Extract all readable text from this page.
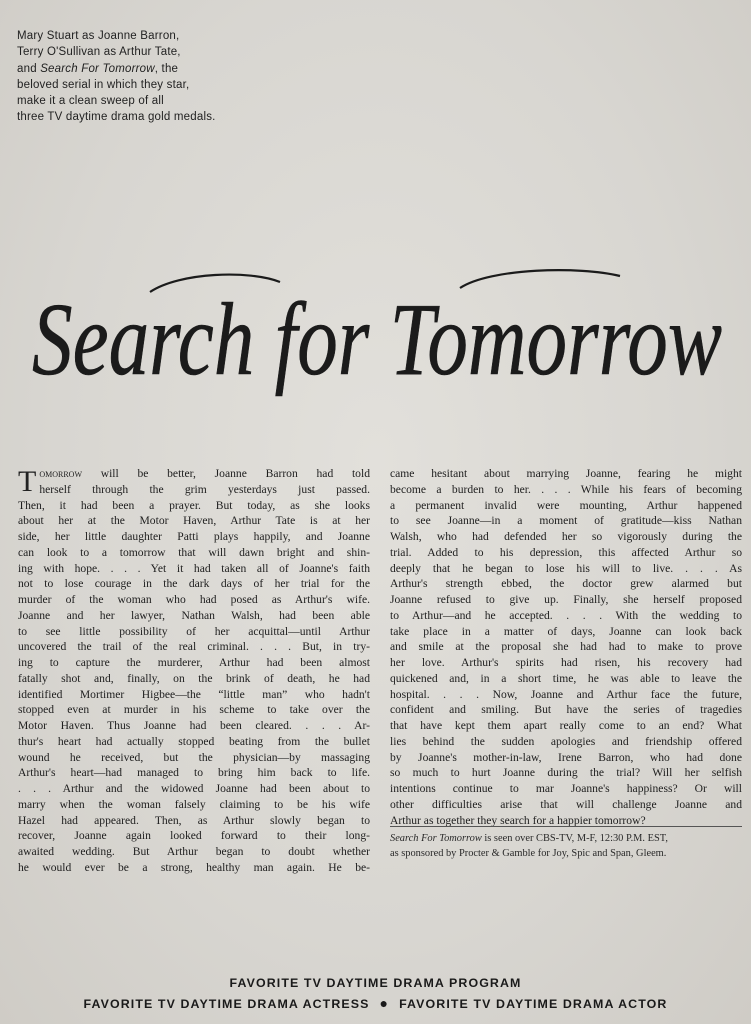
Mary Stuart as Joanne Barron,
Terry O'Sullivan as Arthur Tate,
and Search For Tomorrow, the
beloved serial in which they star,
make it a clean sweep of all
three TV daytime drama gold medals.
Search for Tomorrow

Tomorrow will be better, Joanne Barron had told

herself through the grim yesterdays just passed.

Then, it had been a prayer. But today, as she looks

about her at the Motor Haven, Arthur Tate is at her

side, her little daughter Patti plays happily, and Joanne

can look to a tomorrow that will dawn bright and shin-

ing with hope. . . . Yet it had taken all of Joanne's faith

not to lose courage in the dark days of her trial for the

murder of the woman who had posed as Arthur's wife.

Joanne and her lawyer, Nathan Walsh, had been able

to see little possibility of her acquittal—until Arthur

uncovered the trail of the real criminal. . . . But, in try-

ing to capture the murderer, Arthur had been almost

fatally shot and, finally, on the brink of death, he had

identified Mortimer Higbee—the “little man” who hadn't

stopped even at murder in his scheme to take over the

Motor Haven. Thus Joanne had been cleared. . . . Ar-

thur's heart had actually stopped beating from the bullet

wound he received, but the physician—by massaging

Arthur's heart—had managed to bring him back to life.

. . . Arthur and the widowed Joanne had been about to

marry when the woman falsely claiming to be his wife

Hazel had appeared. Then, as Arthur slowly began to

recover, Joanne again looked forward to their long-

awaited wedding. But Arthur began to doubt whether

he would ever be a strong, healthy man again. He be-

came hesitant about marrying Joanne, fearing he might

become a burden to her. . . . While his fears of becoming

a permanent invalid were mounting, Arthur happened

to see Joanne—in a moment of gratitude—kiss Nathan

Walsh, who had defended her so vigorously during the

trial. Added to his depression, this affected Arthur so

deeply that he began to lose his will to live. . . . As

Arthur's strength ebbed, the doctor grew alarmed but

Joanne refused to give up. Finally, she herself proposed

to Arthur—and he accepted. . . . With the wedding to

take place in a matter of days, Joanne can look back

and smile at the proposal she had had to make to prove

her love. Arthur's spirits had risen, his recovery had

quickened and, in a short time, he was able to leave the

hospital. . . . Now, Joanne and Arthur face the future,

confident and smiling. But have the series of tragedies

that have kept them apart really come to an end? What

lies behind the sudden apologies and friendship offered

by Joanne's mother-in-law, Irene Barron, who had done

so much to hurt Joanne during the trial? Will her selfish

intentions continue to mar Joanne's happiness? Or will

other difficulties arise that will challenge Joanne and

Arthur as together they search for a happier tomorrow?

Search For Tomorrow is seen over CBS-TV, M-F, 12:30 P.M. EST,
as sponsored by Procter & Gamble for Joy, Spic and Span, Gleem.
FAVORITE TV DAYTIME DRAMA PROGRAM
FAVORITE TV DAYTIME DRAMA ACTRESS ● FAVORITE TV DAYTIME DRAMA ACTOR
